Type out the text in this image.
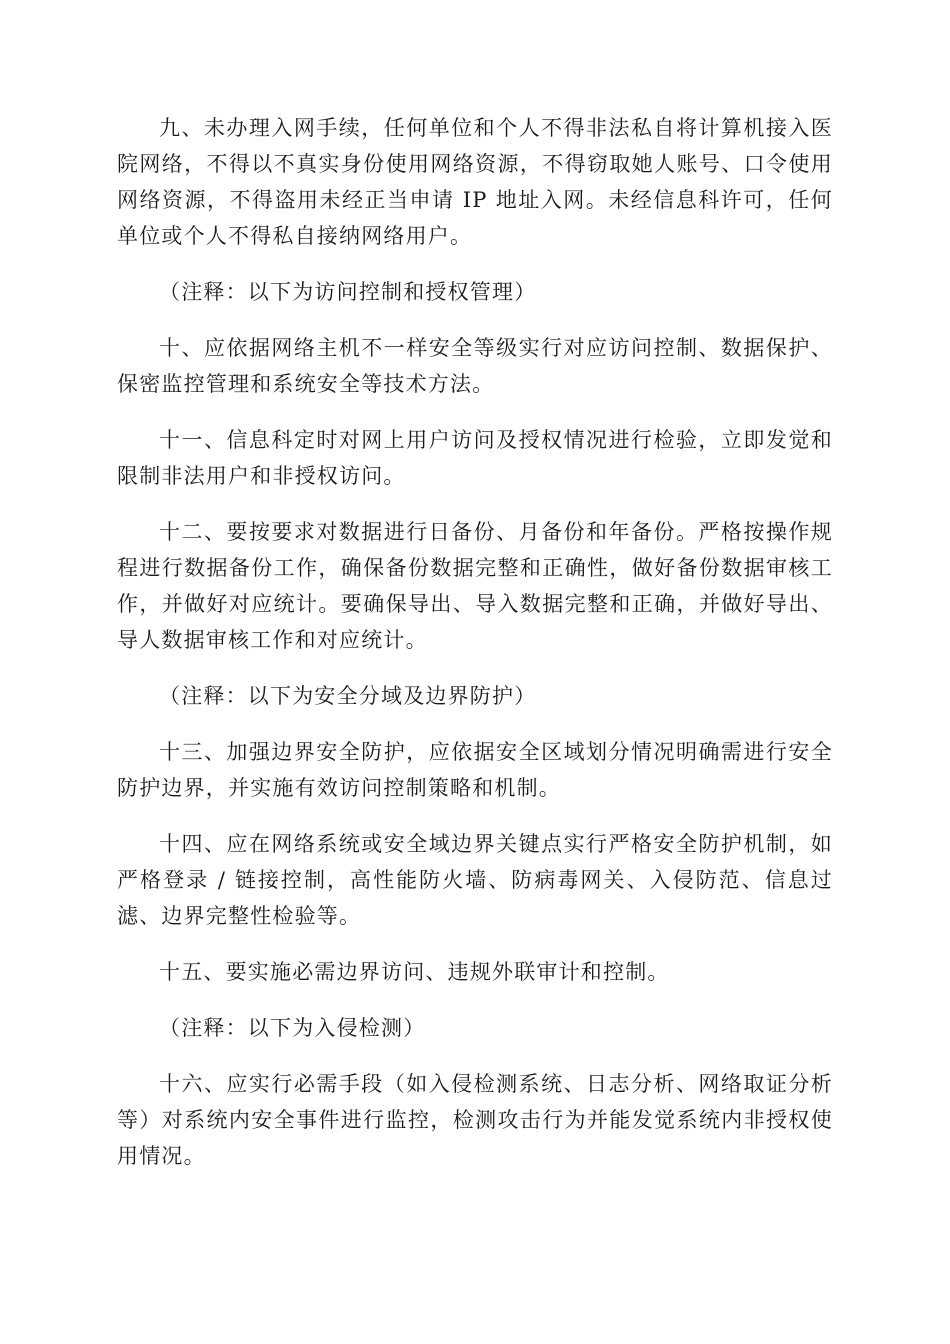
九、未办理入网手续，任何单位和个人不得非法私自将计算机接入医院网络，不得以不真实身份使用网络资源，不得窃取她人账号、口令使用网络资源，不得盗用未经正当申请 IP 地址入网。未经信息科许可，任何单位或个人不得私自接纳网络用户。

（注释：以下为访问控制和授权管理）

十、应依据网络主机不一样安全等级实行对应访问控制、数据保护、保密监控管理和系统安全等技术方法。

十一、信息科定时对网上用户访问及授权情况进行检验，立即发觉和限制非法用户和非授权访问。

十二、要按要求对数据进行日备份、月备份和年备份。严格按操作规程进行数据备份工作，确保备份数据完整和正确性，做好备份数据审核工作，并做好对应统计。要确保导出、导入数据完整和正确，并做好导出、导人数据审核工作和对应统计。

（注释：以下为安全分域及边界防护）

十三、加强边界安全防护，应依据安全区域划分情况明确需进行安全防护边界，并实施有效访问控制策略和机制。

十四、应在网络系统或安全域边界关键点实行严格安全防护机制，如严格登录 / 链接控制，高性能防火墙、防病毒网关、入侵防范、信息过滤、边界完整性检验等。

十五、要实施必需边界访问、违规外联审计和控制。

（注释：以下为入侵检测）

十六、应实行必需手段（如入侵检测系统、日志分析、网络取证分析等）对系统内安全事件进行监控，检测攻击行为并能发觉系统内非授权使用情况。
